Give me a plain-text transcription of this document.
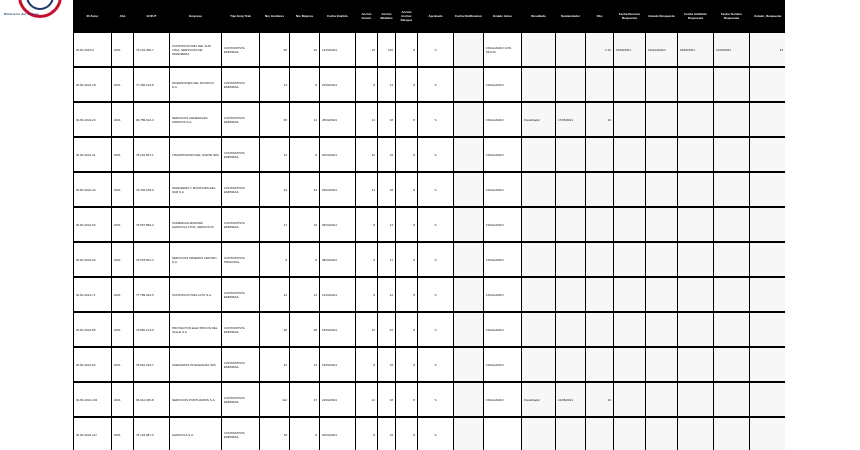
Ministerio del Trabajo	ID Aviso	Año	Id RUT	Empresa	Tipo Emp Trab	Nro Hombres	Nro Mujeres	Fecha Emitido	Accion Inmed.	Accion Medidas	Accion Instruc Riesgos	Aprobado	Fecha Notificacion	Estado Aviso	Resultado	Sustanciador	Obs	Fecha Recurso Respuesta	Estado Respuesta	Fecha Admitido Respuesta	Fecha Termino Respuesta	Estado_Respuesta
ID-6F-2021-5	2021	76.123.456-7	CONSTRUCTORA DEL SUR LTDA. SERVICIOS DE INGENIERIA	CONTRATISTA EMPRESA	58	16	12/03/2021	15	120	8	S		FINALIZADO CON MULTA			1.12	15/06/2021	FINALIZADO	18/06/2021	14/06/2021	34
ID-6F-2021-18	2021	77.456.123-8	INVERSIONES DEL PACIFICO S.A.	CONTRATISTA EMPRESA	14	8	22/03/2021	8	14	8	S		FINALIZADO								
ID-6F-2021-24	2021	96.789.012-3	SERVICIOS GENERALES ANDINOS S.A.	CONTRATISTA EMPRESA	65	14	25/03/2021	14	18	8	S		FINALIZADO	Fiscalizador	17/05/2021	19					
ID-6F-2021-31	2021	78.234.567-1	TRANSPORTES DEL NORTE SPA	CONTRATISTA EMPRESA	12	8	26/03/2021	10	15	8	S		FINALIZADO								
ID-6F-2021-42	2021	76.345.678-9	INGENIERIA Y MONTAJES DEL SUR S.A.	CONTRATISTA EMPRESA	24	24	29/03/2021	14	18	8	S		FINALIZADO								
ID-6F-2021-53	2021	79.567.890-2	COMERCIALIZADORA AGRICOLA LTDA. SERVICIOS	CONTRATISTA EMPRESA	17	16	05/04/2021	8	14	8	S		FINALIZADO								
ID-6F-2021-64	2021	76.678.901-4	SERVICIOS MINEROS CENTRO S.A.	CONTRATISTA PRINCIPAL	9	8	08/04/2021	6	11	8	S		FINALIZADO								
ID-6F-2021-71	2021	77.789.012-5	CONSTRUCTORA ALTO S.A.	CONTRATISTA EMPRESA	24	14	12/04/2021	9	12	8	S		FINALIZADO								
ID-6F-2021-85	2021	76.890.123-6	PROYECTOS ELECTRICOS DEL VALLE S.A.	CONTRATISTA EMPRESA	38	38	15/04/2021	16	22	8	S		FINALIZADO								
ID-6F-2021-92	2021	78.901.234-7	ASESORIAS INTEGRALES SPA	CONTRATISTA EMPRESA	22	14	19/04/2021	8	16	8	S		FINALIZADO								
ID-6F-2021-103	2021	96.012.345-8	SERVICIOS PORTUARIOS S.A.	CONTRATISTA EMPRESA	112	27	22/04/2021	12	18	8	S		FINALIZADO	Fiscalizador	21/05/2021	19					
ID-6F-2021-117	2021	76.123.987-0	AGRICOLA S.A.	CONTRATISTA EMPRESA	18	8	26/04/2021	8	15	8	S										
